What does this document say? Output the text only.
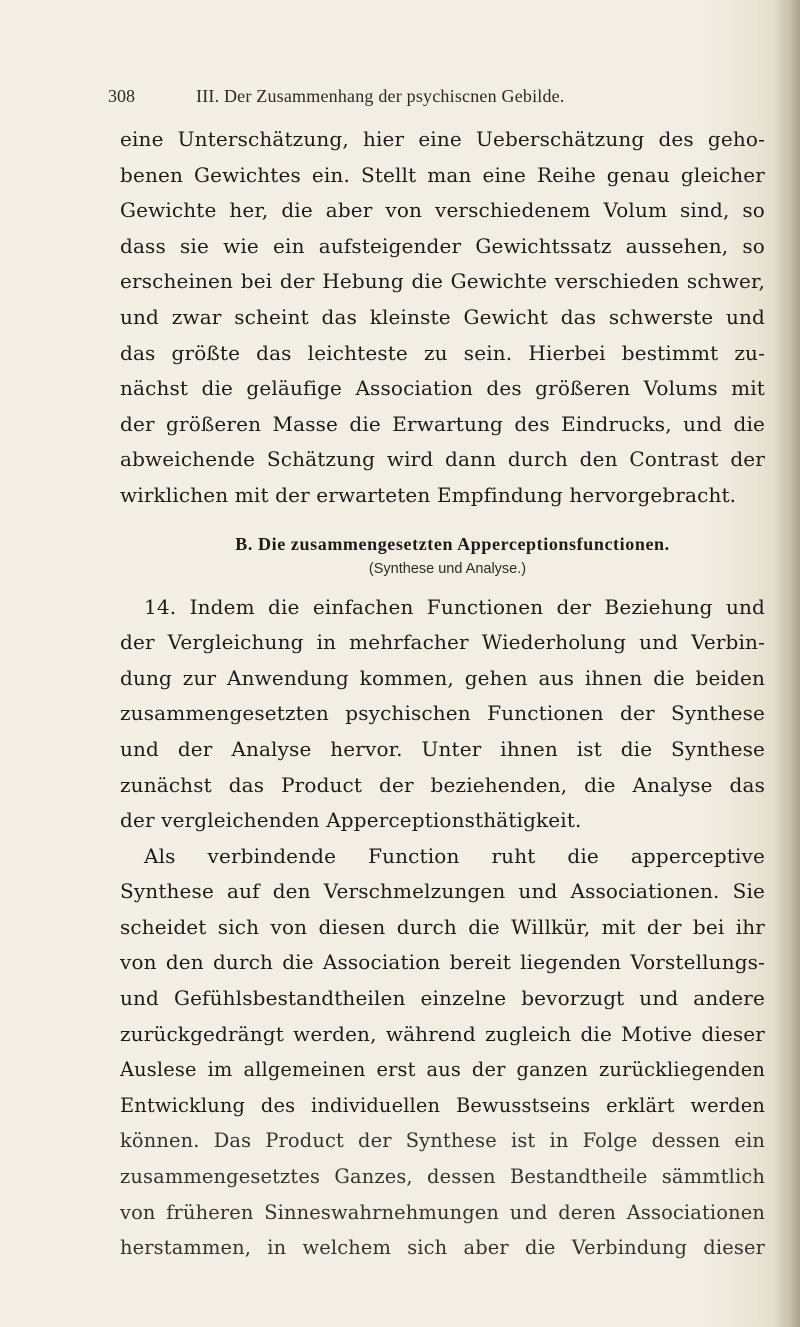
308	III. Der Zusammenhang der psychiscnen Gebilde.
eine Unterschätzung, hier eine Ueberschätzung des geho-
benen Gewichtes ein. Stellt man eine Reihe genau gleicher
Gewichte her, die aber von verschiedenem Volum sind, so
dass sie wie ein aufsteigender Gewichtssatz aussehen, so
erscheinen bei der Hebung die Gewichte verschieden schwer,
und zwar scheint das kleinste Gewicht das schwerste und
das größte das leichteste zu sein. Hierbei bestimmt zu-
nächst die geläufige Association des größeren Volums mit
der größeren Masse die Erwartung des Eindrucks, und die
abweichende Schätzung wird dann durch den Contrast der
wirklichen mit der erwarteten Empfindung hervorgebracht.
B. Die zusammengesetzten Apperceptionsfunctionen.
(Synthese und Analyse.)
14. Indem die einfachen Functionen der Beziehung und
der Vergleichung in mehrfacher Wiederholung und Verbin-
dung zur Anwendung kommen, gehen aus ihnen die beiden
zusammengesetzten psychischen Functionen der Synthese
und der Analyse hervor. Unter ihnen ist die Synthese
zunächst das Product der beziehenden, die Analyse das
der vergleichenden Apperceptionsthätigkeit.
Als verbindende Function ruht die apperceptive
Synthese auf den Verschmelzungen und Associationen. Sie
scheidet sich von diesen durch die Willkür, mit der bei ihr
von den durch die Association bereit liegenden Vorstellungs-
und Gefühlsbestandtheilen einzelne bevorzugt und andere
zurückgedrängt werden, während zugleich die Motive dieser
Auslese im allgemeinen erst aus der ganzen zurückliegenden
Entwicklung des individuellen Bewusstseins erklärt werden
können. Das Product der Synthese ist in Folge dessen ein
zusammengesetztes Ganzes, dessen Bestandtheile sämmtlich
von früheren Sinneswahrnehmungen und deren Associationen
herstammen, in welchem sich aber die Verbindung dieser
